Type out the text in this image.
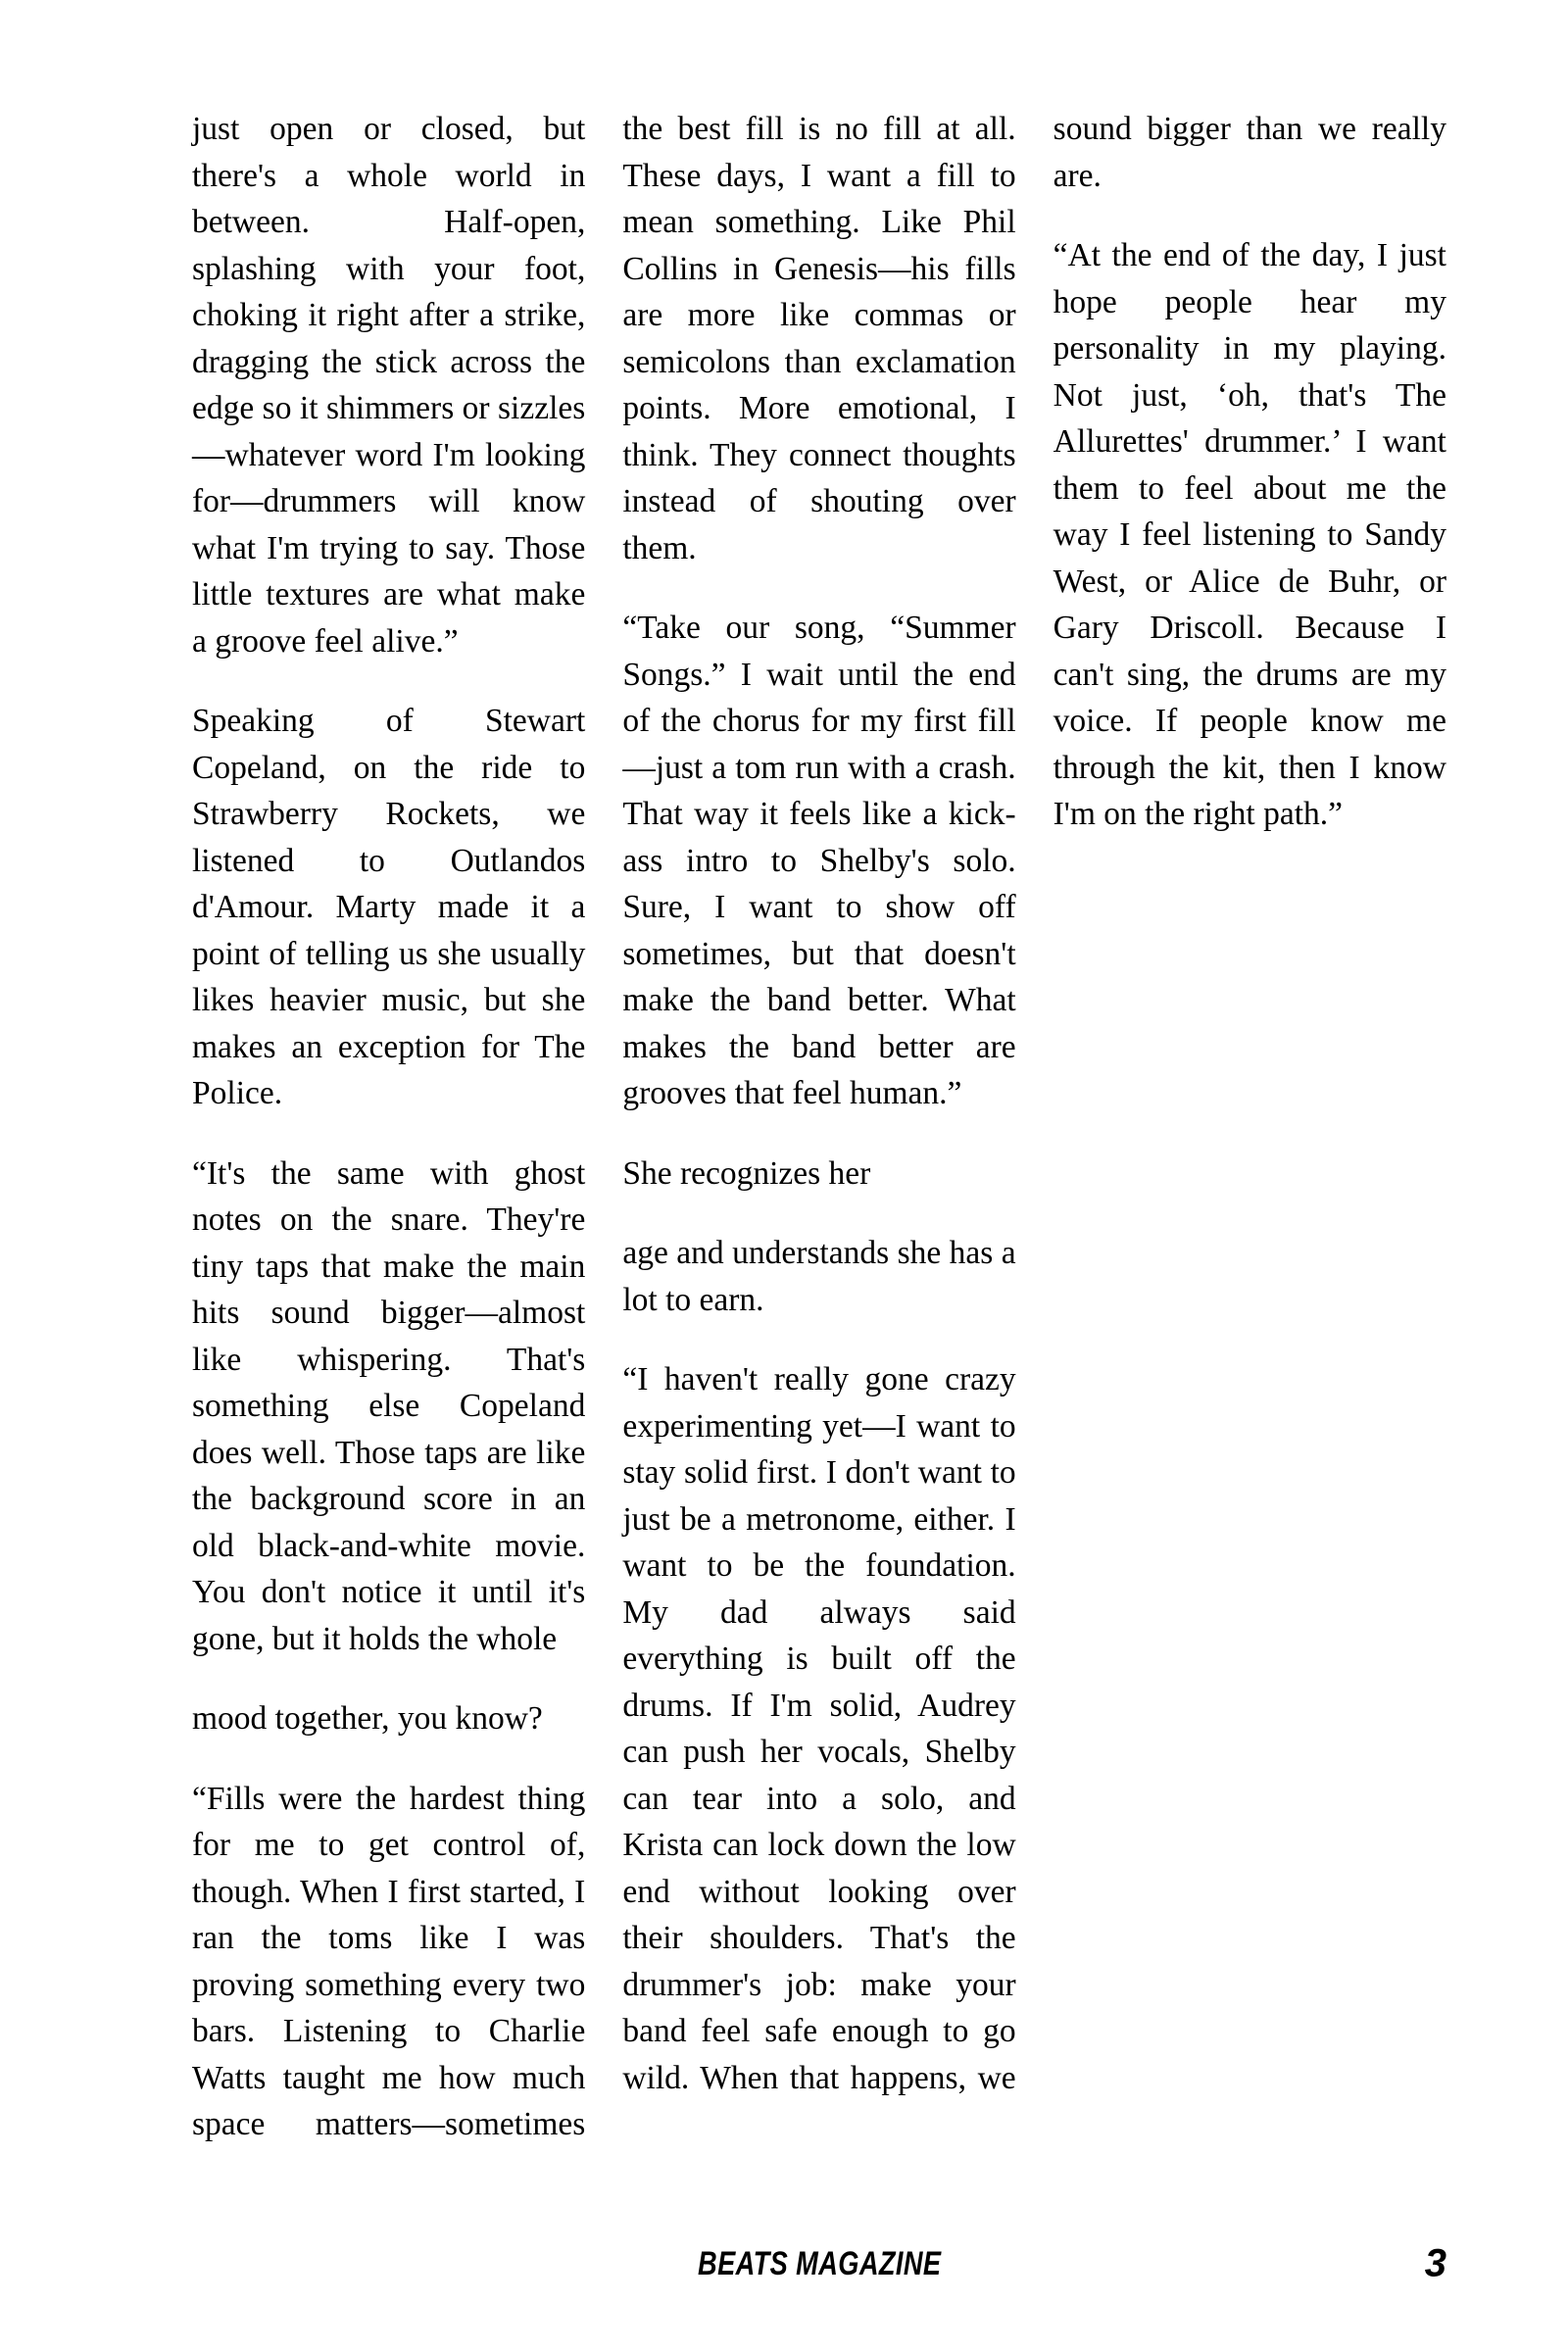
just open or closed, but there's a whole world in between. Half-open, splashing with your foot, choking it right after a strike, dragging the stick across the edge so it shimmers or sizzles—whatever word I'm looking for—drummers will know what I'm trying to say. Those little textures are what make a groove feel alive.”

Speaking of Stewart Copeland, on the ride to Strawberry Rockets, we listened to Outlandos d'Amour. Marty made it a point of telling us she usually likes heavier music, but she makes an exception for The Police.

“It's the same with ghost notes on the snare. They're tiny taps that make the main hits sound bigger—almost like whispering. That's something else Copeland does well. Those taps are like the background score in an old black-and-white movie. You don't notice it until it's gone, but it holds the whole

mood together, you know?

“Fills were the hardest thing for me to get control of, though. When I first started, I ran the toms like I was proving something every two bars. Listening to Charlie Watts taught me how much space matters—sometimes the best fill is no fill at all. These days, I want a fill to mean something. Like Phil Collins in Genesis—his fills are more like commas or semicolons than exclamation points. More emotional, I think. They connect thoughts instead of shouting over them.

“Take our song, “Summer Songs.” I wait until the end of the chorus for my first fill—just a tom run with a crash. That way it feels like a kick-ass intro to Shelby's solo. Sure, I want to show off sometimes, but that doesn't make the band better. What makes the band better are grooves that feel human.”

She recognizes her

age and understands she has a lot to earn.

“I haven't really gone crazy experimenting yet—I want to stay solid first. I don't want to just be a metronome, either. I want to be the foundation. My dad always said everything is built off the drums. If I'm solid, Audrey can push her vocals, Shelby can tear into a solo, and Krista can lock down the low end without looking over their shoulders. That's the drummer's job: make your band feel safe enough to go wild. When that happens, we sound bigger than we really are.

“At the end of the day, I just hope people hear my personality in my playing. Not just, ‘oh, that's The Allurettes' drummer.’ I want them to feel about me the way I feel listening to Sandy West, or Alice de Buhr, or Gary Driscoll. Because I can't sing, the drums are my voice. If people know me through the kit, then I know I'm on the right path.”

BEATS MAGAZINE	3
